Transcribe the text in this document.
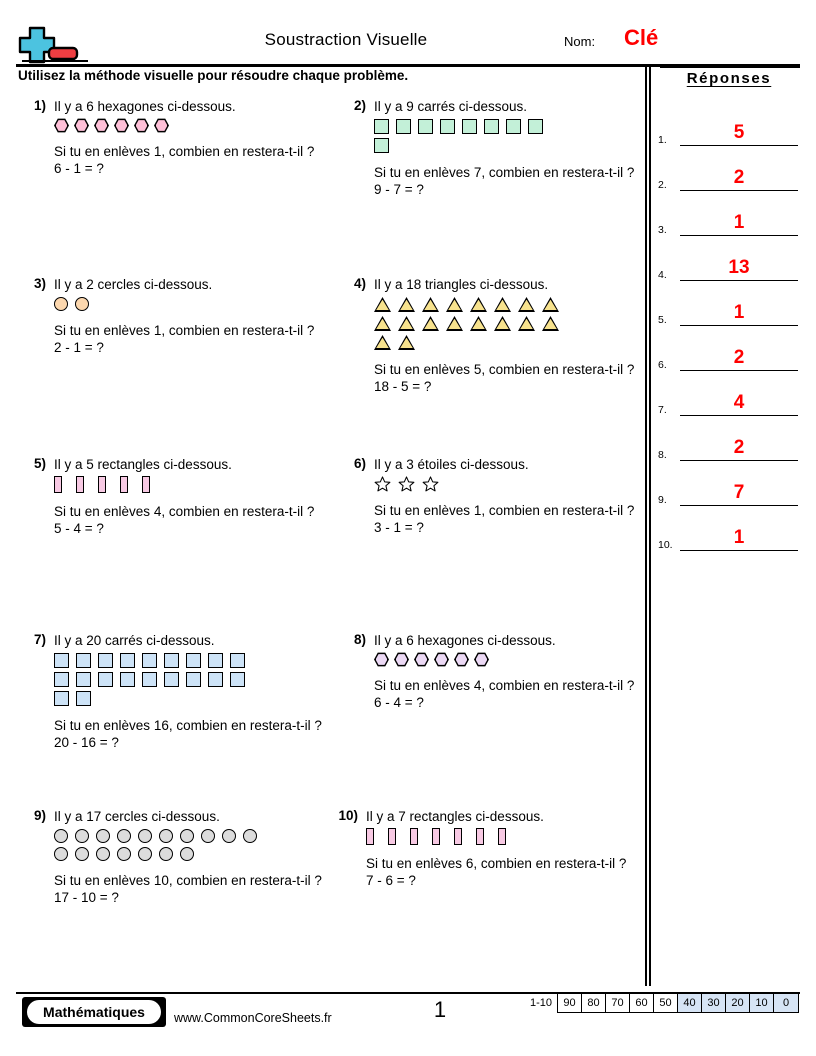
Soustraction Visuelle	Nom: Clé
Utilisez la méthode visuelle pour résoudre chaque problème.	Réponses
1.	5
2.	2
3.	1
4.	13
5.	1
6.	2
7.	4
8.	2
9.	7
10.	1
1) Il y a 6 hexagones ci-dessous.
Si tu en enlèves 1, combien en restera-t-il ?
6 - 1 = ?
2) Il y a 9 carrés ci-dessous.
Si tu en enlèves 7, combien en restera-t-il ?
9 - 7 = ?
3) Il y a 2 cercles ci-dessous.
Si tu en enlèves 1, combien en restera-t-il ?
2 - 1 = ?
4) Il y a 18 triangles ci-dessous.
Si tu en enlèves 5, combien en restera-t-il ?
18 - 5 = ?
5) Il y a 5 rectangles ci-dessous.
Si tu en enlèves 4, combien en restera-t-il ?
5 - 4 = ?
6) Il y a 3 étoiles ci-dessous.
Si tu en enlèves 1, combien en restera-t-il ?
3 - 1 = ?
7) Il y a 20 carrés ci-dessous.
Si tu en enlèves 16, combien en restera-t-il ?
20 - 16 = ?
8) Il y a 6 hexagones ci-dessous.
Si tu en enlèves 4, combien en restera-t-il ?
6 - 4 = ?
9) Il y a 17 cercles ci-dessous.
Si tu en enlèves 10, combien en restera-t-il ?
17 - 10 = ?
10) Il y a 7 rectangles ci-dessous.
Si tu en enlèves 6, combien en restera-t-il ?
7 - 6 = ?
Mathématiques	www.CommonCoreSheets.fr	1	1-10	90	80	70	60	50	40	30	20	10	0
